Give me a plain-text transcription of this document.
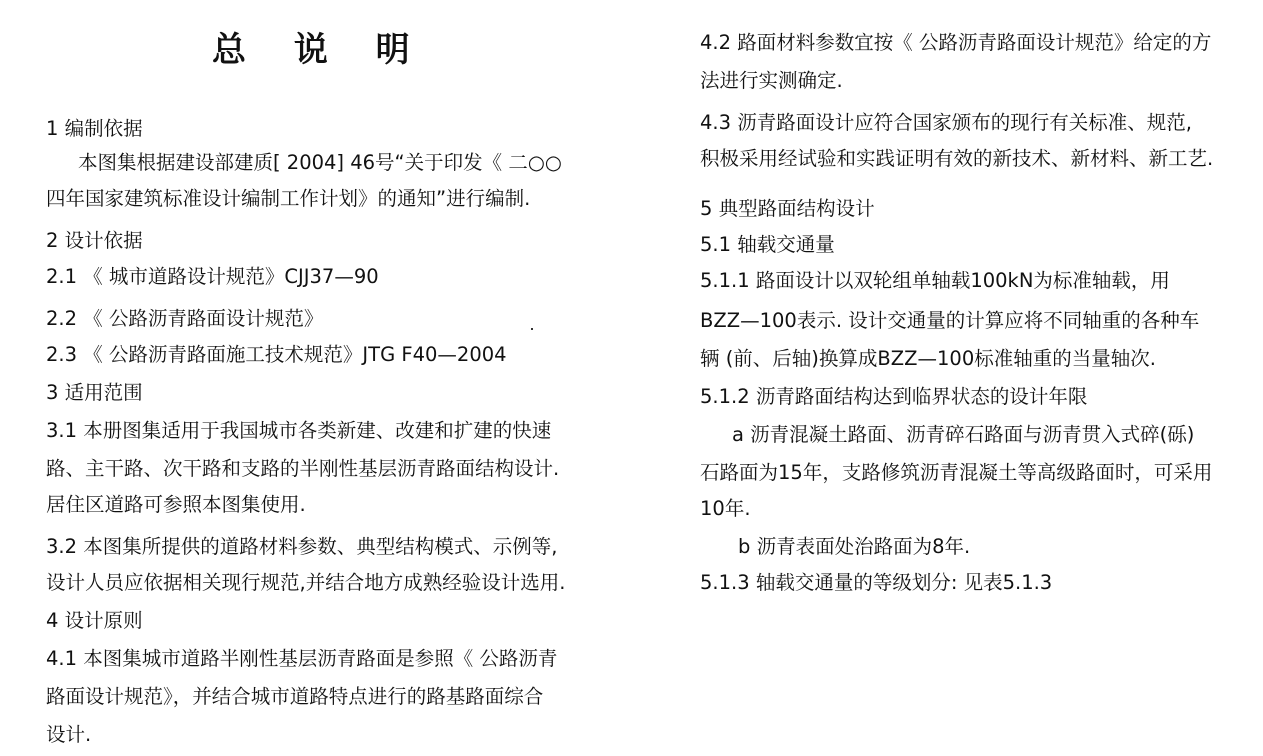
总 说 明
1 编制依据
本图集根据建设部建质[ 2004] 46号“关于印发《 二○○
四年国家建筑标准设计编制工作计划》的通知”进行编制.
2 设计依据
2.1 《 城市道路设计规范》CJJ37—90
2.2 《 公路沥青路面设计规范》
2.3 《 公路沥青路面施工技术规范》JTG F40—2004
3 适用范围
3.1 本册图集适用于我国城市各类新建、改建和扩建的快速
路、主干路、次干路和支路的半刚性基层沥青路面结构设计.
居住区道路可参照本图集使用.
3.2 本图集所提供的道路材料参数、典型结构模式、示例等,
设计人员应依据相关现行规范,并结合地方成熟经验设计选用.
4 设计原则
4.1 本图集城市道路半刚性基层沥青路面是参照《 公路沥青
路面设计规范》，并结合城市道路特点进行的路基路面综合
设计.
4.2 路面材料参数宜按《 公路沥青路面设计规范》给定的方
法进行实测确定.
4.3 沥青路面设计应符合国家颁布的现行有关标准、规范,
积极采用经试验和实践证明有效的新技术、新材料、新工艺.
5 典型路面结构设计
5.1 轴载交通量
5.1.1 路面设计以双轮组单轴载100kN为标准轴载，用
BZZ—100表示. 设计交通量的计算应将不同轴重的各种车
辆 (前、后轴)换算成BZZ—100标准轴重的当量轴次.
5.1.2 沥青路面结构达到临界状态的设计年限
a 沥青混凝土路面、沥青碎石路面与沥青贯入式碎(砾)
石路面为15年，支路修筑沥青混凝土等高级路面时，可采用
10年.
b 沥青表面处治路面为8年.
5.1.3 轴载交通量的等级划分: 见表5.1.3
